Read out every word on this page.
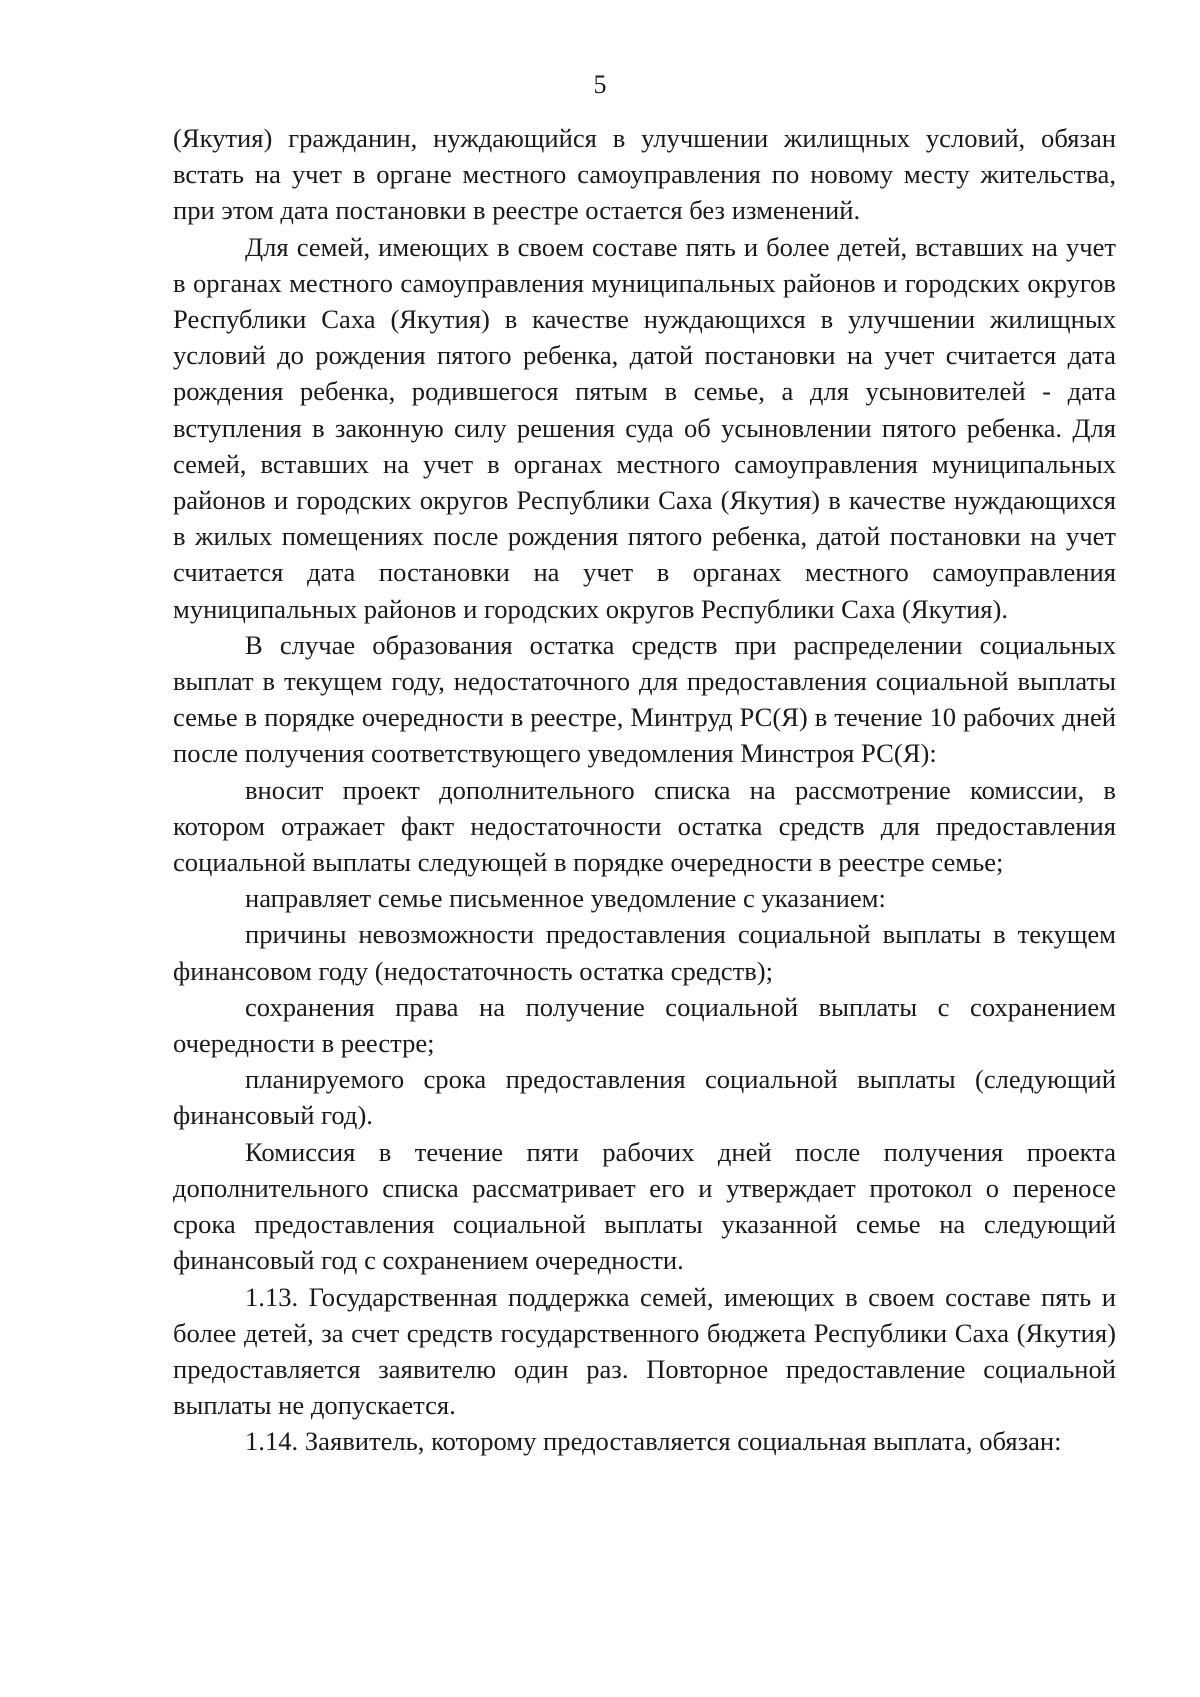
5

(Якутия) гражданин, нуждающийся в улучшении жилищных условий, обязан встать на учет в органе местного самоуправления по новому месту жительства, при этом дата постановки в реестре остается без изменений.

Для семей, имеющих в своем составе пять и более детей, вставших на учет в органах местного самоуправления муниципальных районов и городских округов Республики Саха (Якутия) в качестве нуждающихся в улучшении жилищных условий до рождения пятого ребенка, датой постановки на учет считается дата рождения ребенка, родившегося пятым в семье, а для усыновителей - дата вступления в законную силу решения суда об усыновлении пятого ребенка. Для семей, вставших на учет в органах местного самоуправления муниципальных районов и городских округов Республики Саха (Якутия) в качестве нуждающихся в жилых помещениях после рождения пятого ребенка, датой постановки на учет считается дата постановки на учет в органах местного самоуправления муниципальных районов и городских округов Республики Саха (Якутия).

В случае образования остатка средств при распределении социальных выплат в текущем году, недостаточного для предоставления социальной выплаты семье в порядке очередности в реестре, Минтруд РС(Я) в течение 10 рабочих дней после получения соответствующего уведомления Минстроя РС(Я):

вносит проект дополнительного списка на рассмотрение комиссии, в котором отражает факт недостаточности остатка средств для предоставления социальной выплаты следующей в порядке очередности в реестре семье;

направляет семье письменное уведомление с указанием:

причины невозможности предоставления социальной выплаты в текущем финансовом году (недостаточность остатка средств);

сохранения права на получение социальной выплаты с сохранением очередности в реестре;

планируемого срока предоставления социальной выплаты (следующий финансовый год).

Комиссия в течение пяти рабочих дней после получения проекта дополнительного списка рассматривает его и утверждает протокол о переносе срока предоставления социальной выплаты указанной семье на следующий финансовый год с сохранением очередности.

1.13. Государственная поддержка семей, имеющих в своем составе пять и более детей, за счет средств государственного бюджета Республики Саха (Якутия) предоставляется заявителю один раз. Повторное предоставление социальной выплаты не допускается.

1.14. Заявитель, которому предоставляется социальная выплата, обязан:
